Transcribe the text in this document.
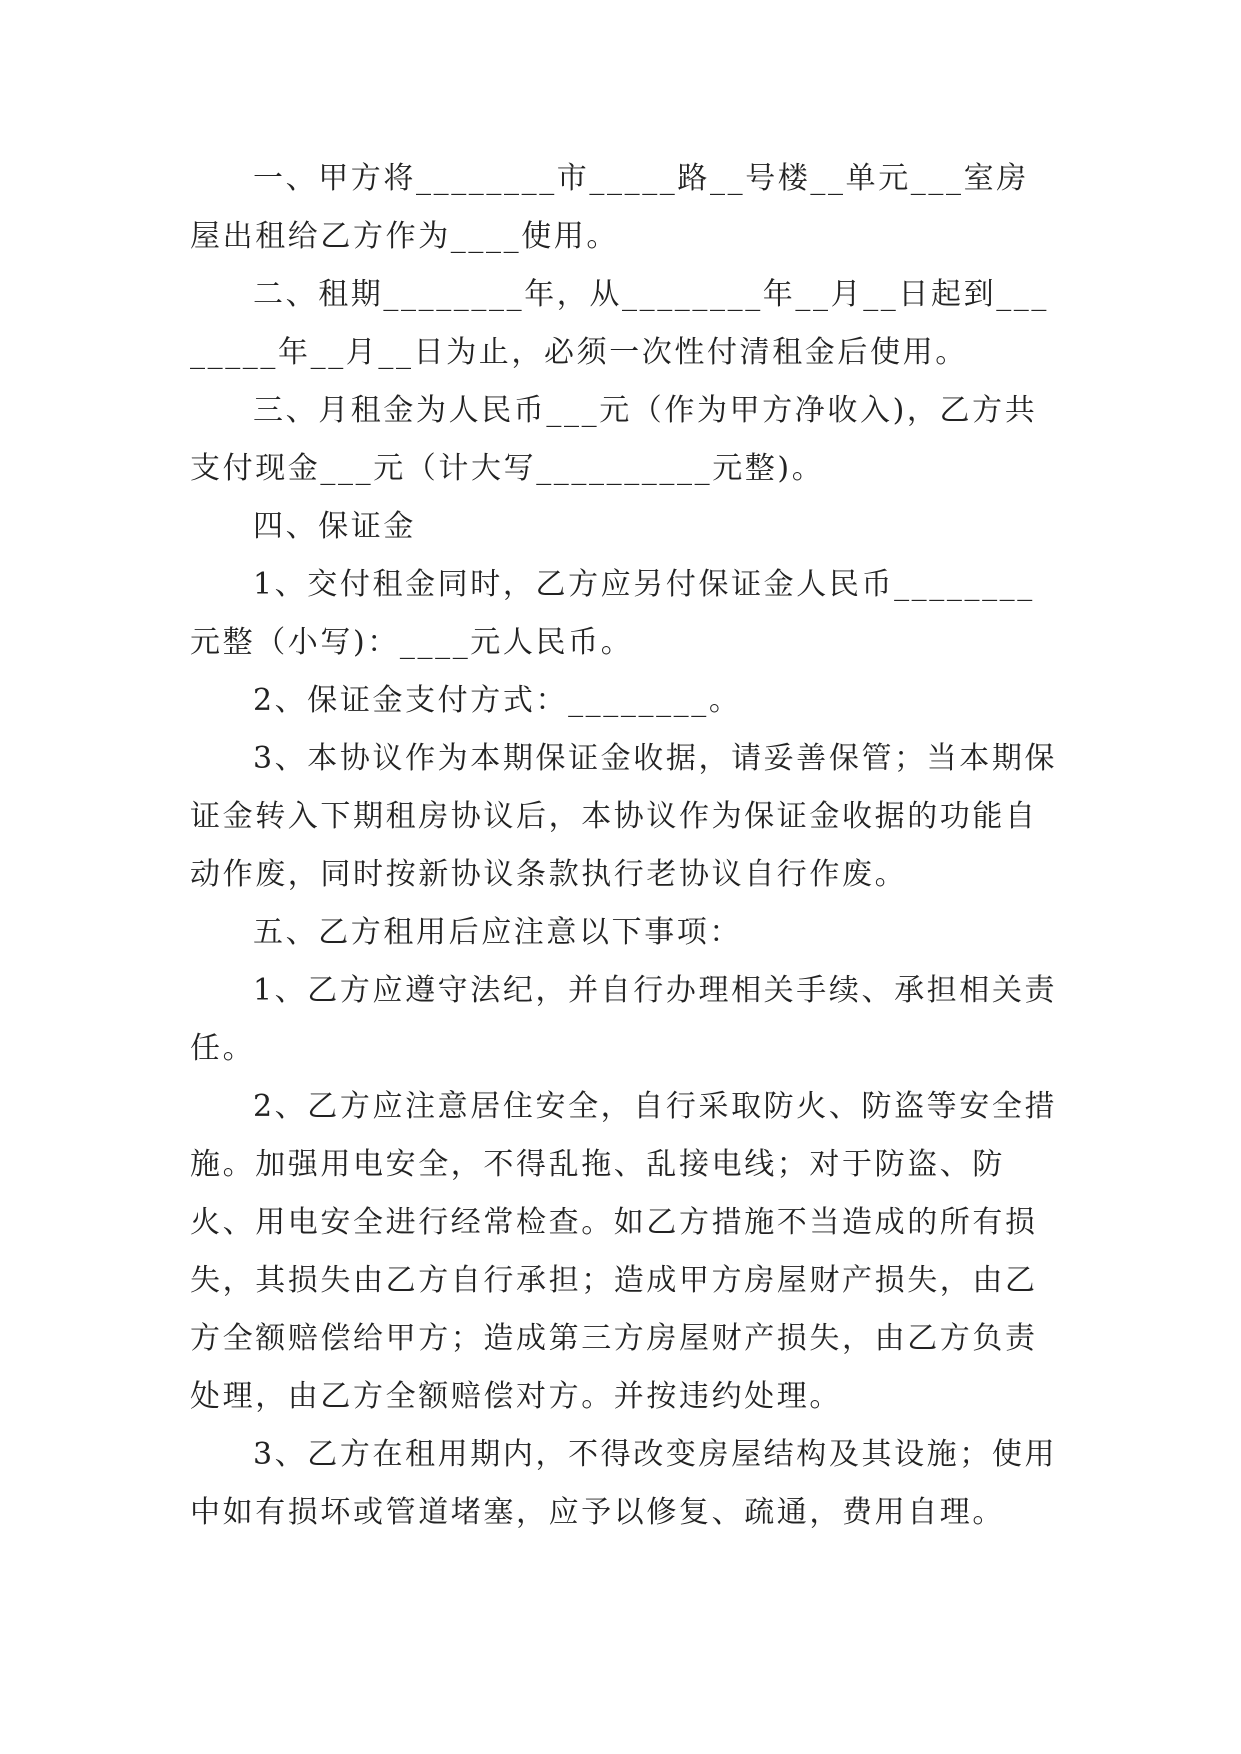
一、甲方将________市_____路__号楼__单元___室房屋出租给乙方作为____使用。

二、租期________年，从________年__月__日起到________年__月__日为止，必须一次性付清租金后使用。

三、月租金为人民币___元（作为甲方净收入)，乙方共支付现金___元（计大写__________元整)。

四、保证金

1、交付租金同时，乙方应另付保证金人民币________元整（小写)：____元人民币。

2、保证金支付方式：________。

3、本协议作为本期保证金收据，请妥善保管；当本期保证金转入下期租房协议后，本协议作为保证金收据的功能自动作废，同时按新协议条款执行老协议自行作废。

五、乙方租用后应注意以下事项：

1、乙方应遵守法纪，并自行办理相关手续、承担相关责任。

2、乙方应注意居住安全，自行采取防火、防盗等安全措施。加强用电安全，不得乱拖、乱接电线；对于防盗、防火、用电安全进行经常检查。如乙方措施不当造成的所有损失，其损失由乙方自行承担；造成甲方房屋财产损失，由乙方全额赔偿给甲方；造成第三方房屋财产损失，由乙方负责处理，由乙方全额赔偿对方。并按违约处理。

3、乙方在租用期内，不得改变房屋结构及其设施；使用中如有损坏或管道堵塞，应予以修复、疏通，费用自理。
